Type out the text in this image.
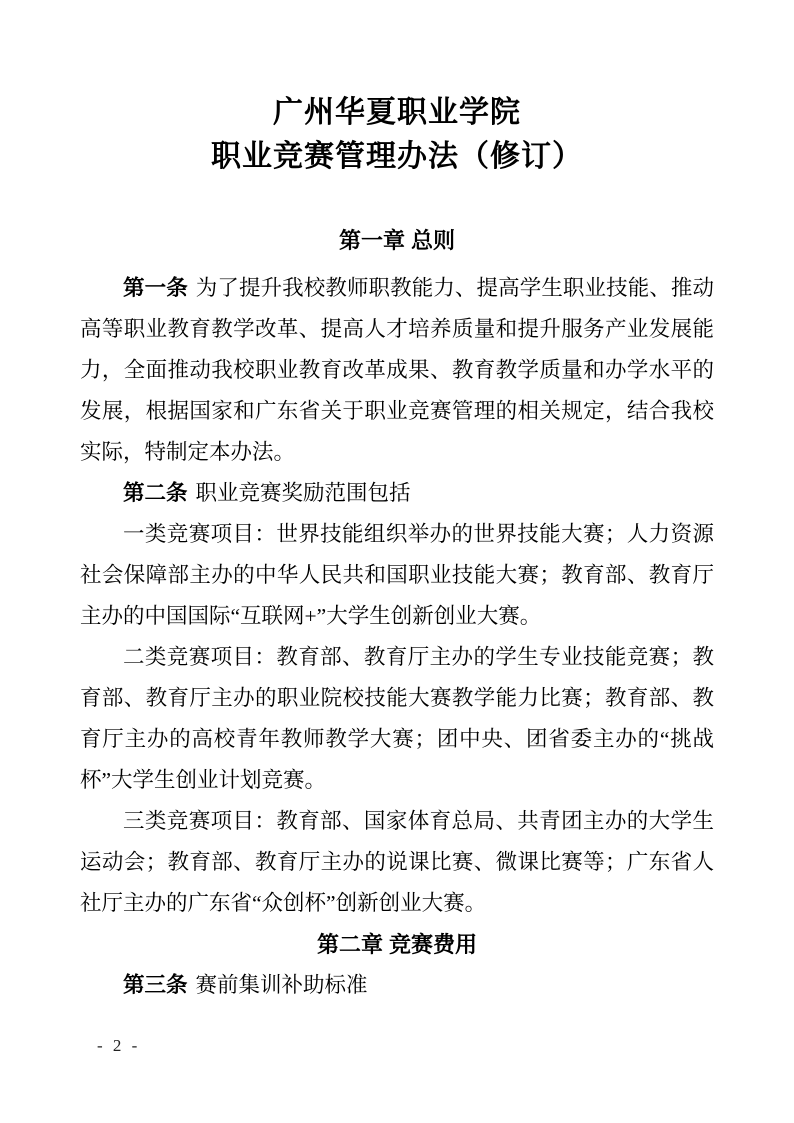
广州华夏职业学院
职业竞赛管理办法（修订）
第一章 总则

第一条 为了提升我校教师职教能力、提高学生职业技能、推动高等职业教育教学改革、提高人才培养质量和提升服务产业发展能力，全面推动我校职业教育改革成果、教育教学质量和办学水平的发展，根据国家和广东省关于职业竞赛管理的相关规定，结合我校实际，特制定本办法。

第二条 职业竞赛奖励范围包括

一类竞赛项目：世界技能组织举办的世界技能大赛；人力资源社会保障部主办的中华人民共和国职业技能大赛；教育部、教育厅主办的中国国际“互联网+”大学生创新创业大赛。

二类竞赛项目：教育部、教育厅主办的学生专业技能竞赛；教育部、教育厅主办的职业院校技能大赛教学能力比赛；教育部、教育厅主办的高校青年教师教学大赛；团中央、团省委主办的“挑战杯”大学生创业计划竞赛。

三类竞赛项目：教育部、国家体育总局、共青团主办的大学生运动会；教育部、教育厅主办的说课比赛、微课比赛等；广东省人社厅主办的广东省“众创杯”创新创业大赛。

第二章 竞赛费用

第三条 赛前集训补助标准

- 2 -
